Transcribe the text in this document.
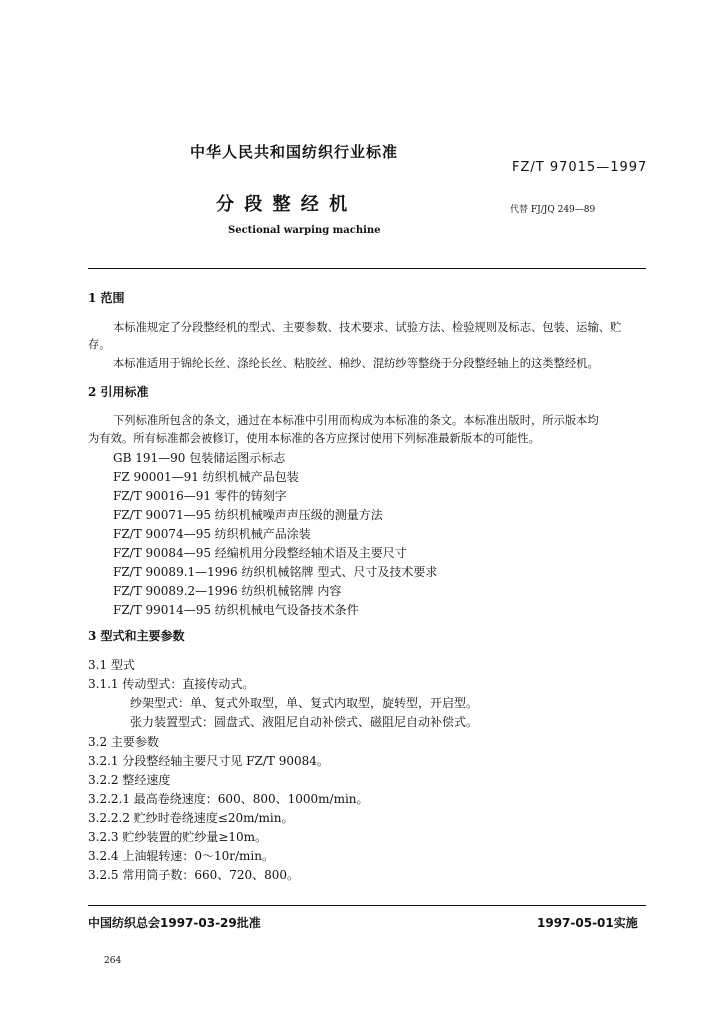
中华人民共和国纺织行业标准
FZ/T 97015—1997
分 段 整 经 机	代替 FJ/JQ 249—89
Sectional warping machine
1 范围
本标准规定了分段整经机的型式、主要参数、技术要求、试验方法、检验规则及标志、包装、运输、贮
存。
本标准适用于锦纶长丝、涤纶长丝、粘胶丝、棉纱、混纺纱等整绕于分段整经轴上的这类整经机。
2 引用标准
下列标准所包含的条文，通过在本标准中引用而构成为本标准的条文。本标准出版时，所示版本均
为有效。所有标准都会被修订，使用本标准的各方应探讨使用下列标准最新版本的可能性。
GB 191—90 包装储运图示标志
FZ 90001—91 纺织机械产品包装
FZ/T 90016—91 零件的铸刻字
FZ/T 90071—95 纺织机械噪声声压级的测量方法
FZ/T 90074—95 纺织机械产品涂装
FZ/T 90084—95 经编机用分段整经轴术语及主要尺寸
FZ/T 90089.1—1996 纺织机械铭牌 型式、尺寸及技术要求
FZ/T 90089.2—1996 纺织机械铭牌 内容
FZ/T 99014—95 纺织机械电气设备技术条件
3 型式和主要参数
3.1 型式
3.1.1 传动型式：直接传动式。
纱架型式：单、复式外取型，单、复式内取型，旋转型，开启型。
张力装置型式：圆盘式、液阻尼自动补偿式、磁阻尼自动补偿式。
3.2 主要参数
3.2.1 分段整经轴主要尺寸见 FZ/T 90084。
3.2.2 整经速度
3.2.2.1 最高卷绕速度：600、800、1000m/min。
3.2.2.2 贮纱时卷绕速度≤20m/min。
3.2.3 贮纱装置的贮纱量≥10m。
3.2.4 上油辊转速：0～10r/min。
3.2.5 常用筒子数：660、720、800。
中国纺织总会1997-03-29批准	1997-05-01实施
264
